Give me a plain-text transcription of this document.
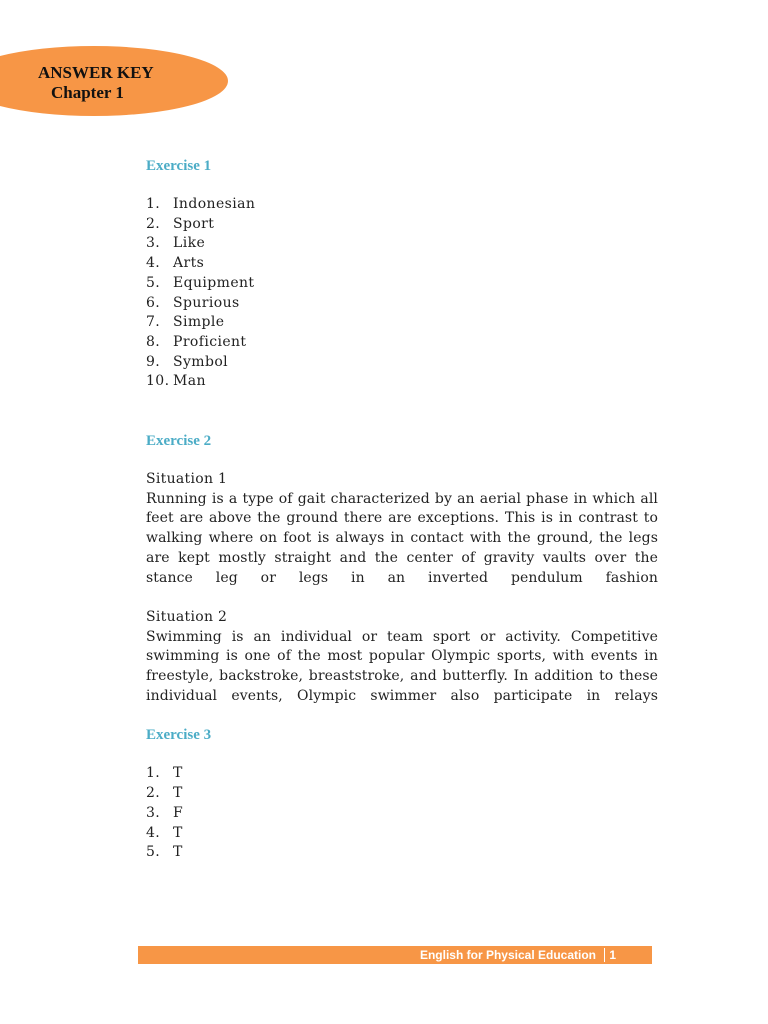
ANSWER KEY
Chapter 1
Exercise 1
1. Indonesian
2. Sport
3. Like
4. Arts
5. Equipment
6. Spurious
7. Simple
8. Proficient
9. Symbol
10. Man
Exercise 2
Situation 1
Running is a type of gait characterized by an aerial phase in which all feet are above the ground there are exceptions. This is in contrast to walking where on foot is always in contact with the ground, the legs are kept mostly straight and the center of gravity vaults over the stance leg or legs in an inverted pendulum fashion
Situation 2
Swimming is an individual or team sport or activity. Competitive swimming is one of the most popular Olympic sports, with events in freestyle, backstroke, breaststroke, and butterfly. In addition to these individual events, Olympic swimmer also participate in relays
Exercise 3
1. T
2. T
3. F
4. T
5. T
English for Physical Education 1
